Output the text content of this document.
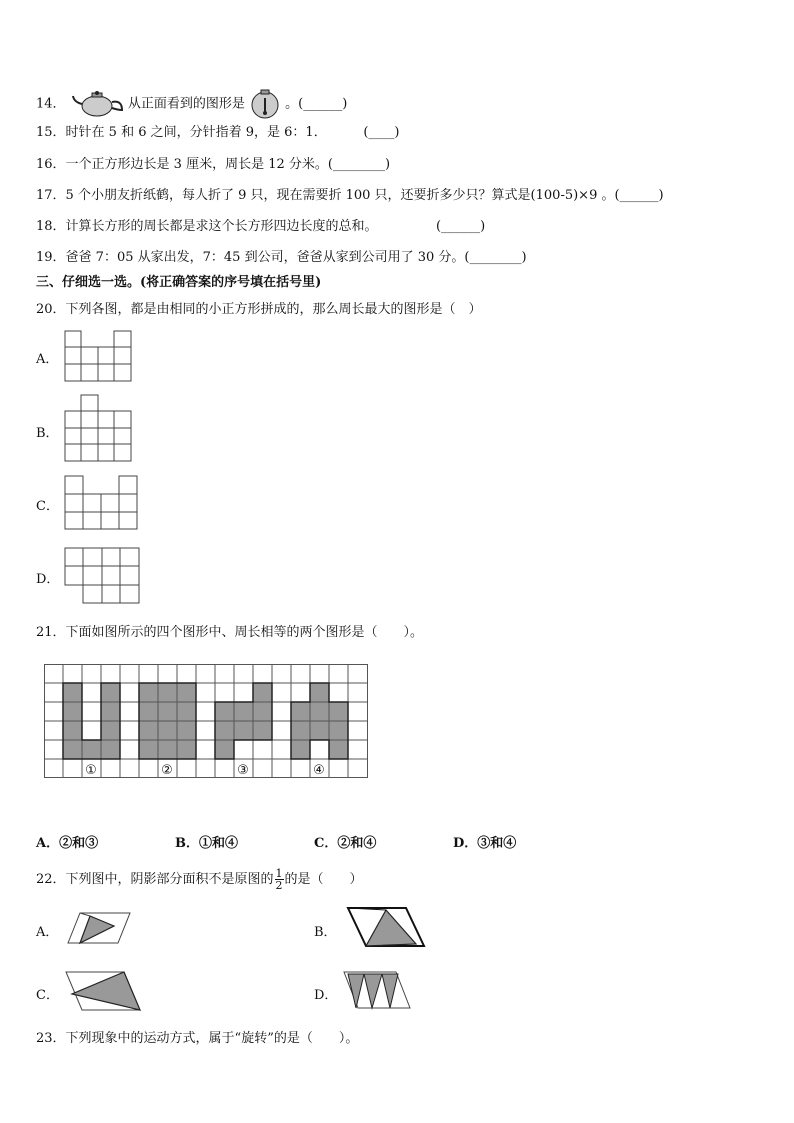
14．	从正面看到的图形是	。(______)
15．时针在 5 和 6 之间，分针指着 9，是 6：1．　　　 (____)
16．一个正方形边长是 3 厘米，周长是 12 分米。(________)
17．5 个小朋友折纸鹤，每人折了 9 只，现在需要折 100 只，还要折多少只？算式是(100-5)×9 。(______)
18．计算长方形的周长都是求这个长方形四边长度的总和。　　　　　(______)
19．爸爸 7：05 从家出发，7：45 到公司，爸爸从家到公司用了 30 分。(________)
三、仔细选一选。(将正确答案的序号填在括号里)
20．下列各图，都是由相同的小正方形拼成的，那么周长最大的图形是（　）
A．
B．
C．
D．
21．下面如图所示的四个图形中、周长相等的两个图形是（　　）。
①	②	③	④
A．②和③	B．①和④	C．②和④	D．③和④
22．下列图中，阴影部分面积不是原图的 $\frac{1}{2}$ 的是（　　）
A．
C．
B．
D．
23．下列现象中的运动方式，属于“旋转”的是（　　）。
